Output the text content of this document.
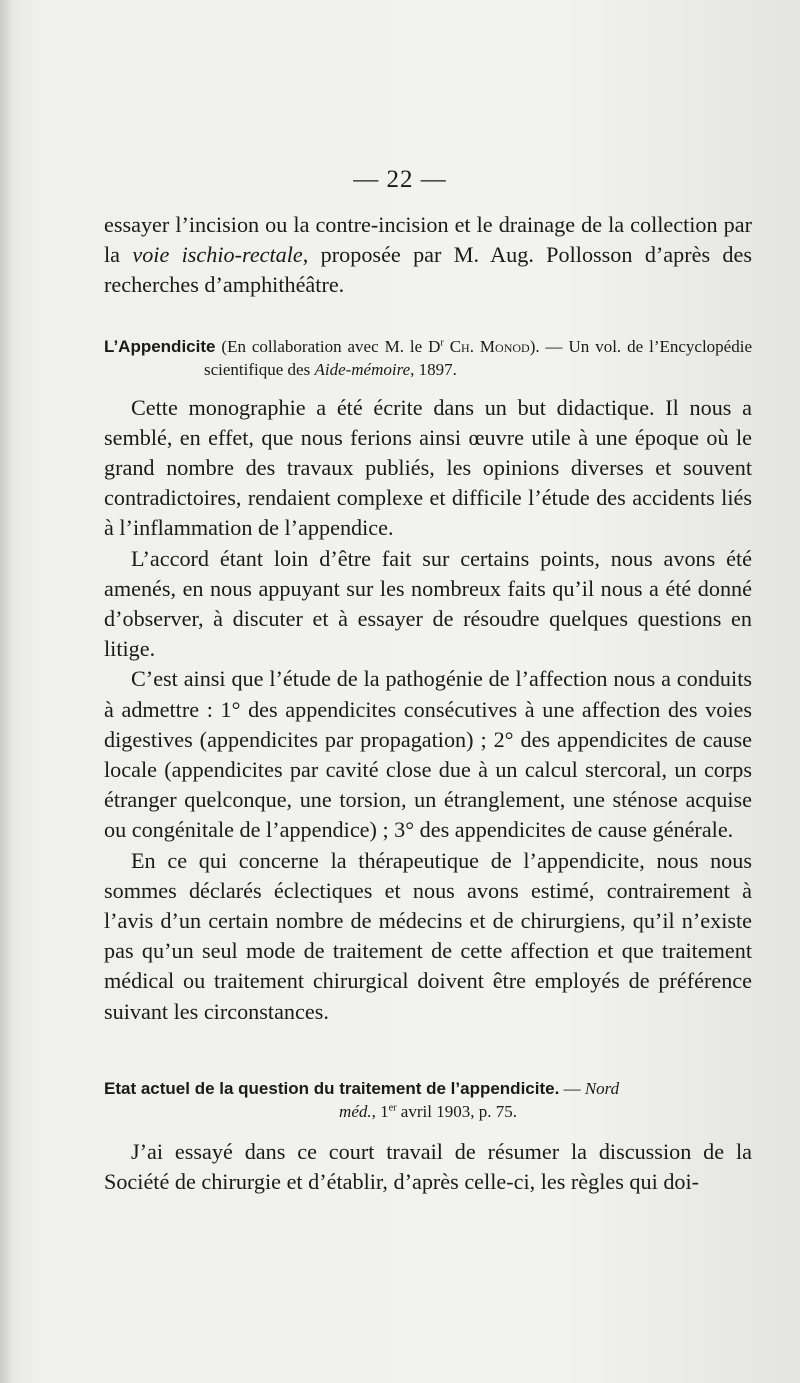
— 22 —

essayer l’incision ou la contre-incision et le drainage de la collection par la voie ischio-rectale, proposée par M. Aug. Pollosson d’après des recherches d’amphithéâtre.

L’Appendicite (En collaboration avec M. le $D^r$ Ch. Monod). — Un vol. de l’Encyclopédie scientifique des Aide-mémoire, 1897.

Cette monographie a été écrite dans un but didactique. Il nous a semblé, en effet, que nous ferions ainsi œuvre utile à une époque où le grand nombre des travaux publiés, les opinions diverses et souvent contradictoires, rendaient complexe et difficile l’étude des accidents liés à l’inflammation de l’appendice.

L’accord étant loin d’être fait sur certains points, nous avons été amenés, en nous appuyant sur les nombreux faits qu’il nous a été donné d’observer, à discuter et à essayer de résoudre quelques questions en litige.

C’est ainsi que l’étude de la pathogénie de l’affection nous a conduits à admettre : 1° des appendicites consécutives à une affection des voies digestives (appendicites par propagation) ; 2° des appendicites de cause locale (appendicites par cavité close due à un calcul stercoral, un corps étranger quelconque, une torsion, un étranglement, une sténose acquise ou congénitale de l’appendice) ; 3° des appendicites de cause générale.

En ce qui concerne la thérapeutique de l’appendicite, nous nous sommes déclarés éclectiques et nous avons estimé, contrairement à l’avis d’un certain nombre de médecins et de chirurgiens, qu’il n’existe pas qu’un seul mode de traitement de cette affection et que traitement médical ou traitement chirurgical doivent être employés de préférence suivant les circonstances.

Etat actuel de la question du traitement de l’appendicite. — Nord
méd., 1er avril 1903, p. 75.

J’ai essayé dans ce court travail de résumer la discussion de la Société de chirurgie et d’établir, d’après celle-ci, les règles qui doi-
